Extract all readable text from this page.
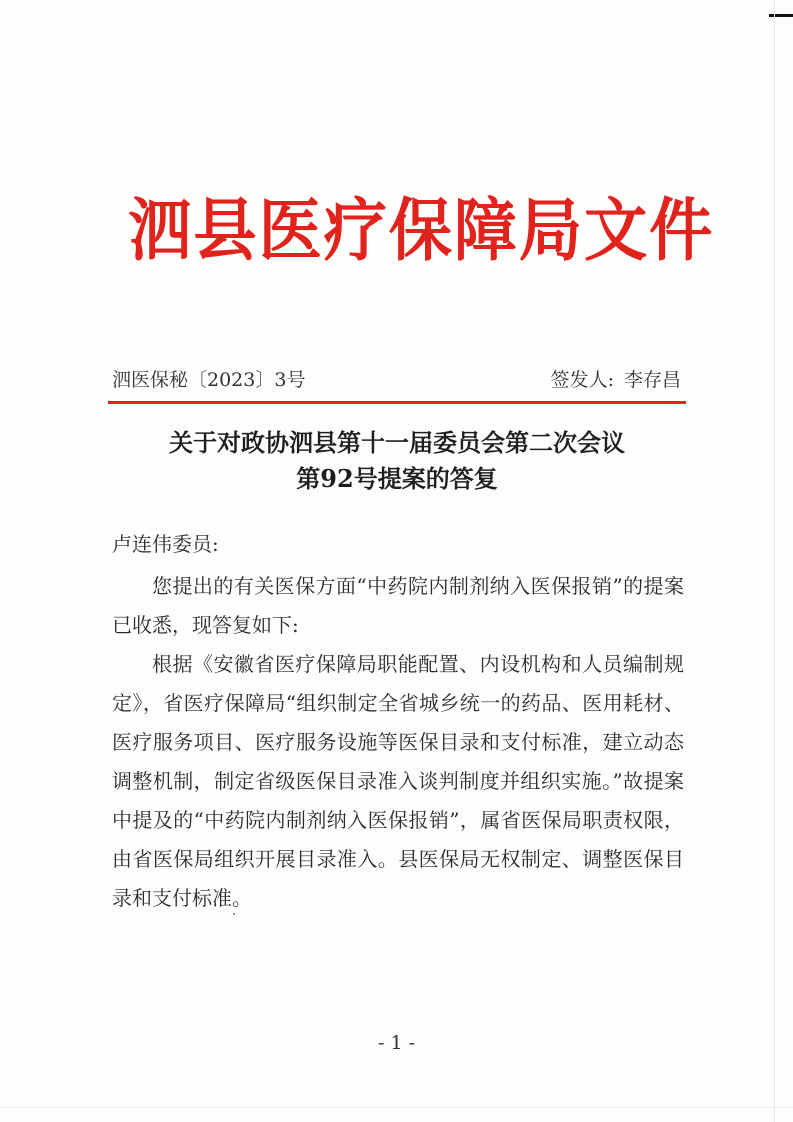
泗县医疗保障局文件
泗医保秘〔2023〕3号	签发人: 李存昌
关于对政协泗县第十一届委员会第二次会议
第92号提案的答复
卢连伟委员:

您提出的有关医保方面“中药院内制剂纳入医保报销”的提案已收悉，现答复如下:

根据《安徽省医疗保障局职能配置、内设机构和人员编制规定》，省医疗保障局“组织制定全省城乡统一的药品、医用耗材、医疗服务项目、医疗服务设施等医保目录和支付标准，建立动态调整机制，制定省级医保目录准入谈判制度并组织实施。”故提案中提及的“中药院内制剂纳入医保报销”，属省医保局职责权限，由省医保局组织开展目录准入。县医保局无权制定、调整医保目录和支付标准。

- 1 -
